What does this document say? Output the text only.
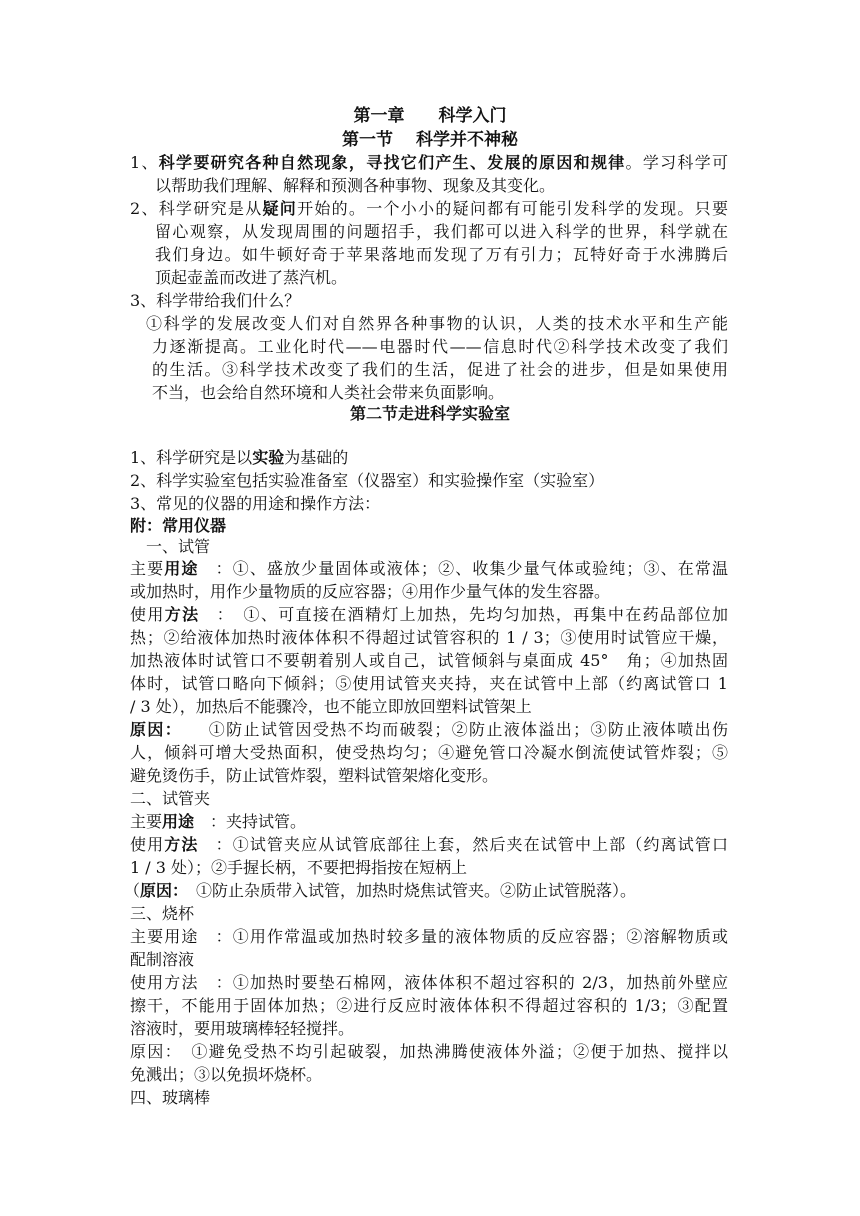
第一章　　科学入门
第一节　 科学并不神秘
1、科学要研究各种自然现象，寻找它们产生、发展的原因和规律。学习科学可
以帮助我们理解、解释和预测各种事物、现象及其变化。
2、科学研究是从疑问开始的。一个小小的疑问都有可能引发科学的发现。只要
留心观察，从发现周围的问题招手，我们都可以进入科学的世界，科学就在
我们身边。如牛顿好奇于苹果落地而发现了万有引力；瓦特好奇于水沸腾后
顶起壶盖而改进了蒸汽机。
3、科学带给我们什么？
①科学的发展改变人们对自然界各种事物的认识，人类的技术水平和生产能
力逐渐提高。工业化时代——电器时代——信息时代②科学技术改变了我们
的生活。③科学技术改变了我们的生活，促进了社会的进步，但是如果使用
不当，也会给自然环境和人类社会带来负面影响。
第二节走进科学实验室
1、科学研究是以实验为基础的
2、科学实验室包括实验准备室（仪器室）和实验操作室（实验室）
3、常见的仪器的用途和操作方法：
附：常用仪器
一、试管
主要用途　：①、盛放少量固体或液体；②、收集少量气体或验纯；③、在常温
或加热时，用作少量物质的反应容器；④用作少量气体的发生容器。
使用方法　：　①、可直接在酒精灯上加热，先均匀加热，再集中在药品部位加
热；②给液体加热时液体体积不得超过试管容积的 1 / 3；③使用时试管应干燥，
加热液体时试管口不要朝着别人或自己，试管倾斜与桌面成 45°　角；④加热固
体时，试管口略向下倾斜；⑤使用试管夹夹持，夹在试管中上部（约离试管口 1
/ 3 处），加热后不能骤冷，也不能立即放回塑料试管架上
原因：　　①防止试管因受热不均而破裂；②防止液体溢出；③防止液体喷出伤
人，倾斜可增大受热面积，使受热均匀；④避免管口冷凝水倒流使试管炸裂；⑤
避免烫伤手，防止试管炸裂，塑料试管架熔化变形。
二、试管夹
主要用途　：夹持试管。
使用方法　：①试管夹应从试管底部往上套，然后夹在试管中上部（约离试管口
1 / 3 处）；②手握长柄，不要把拇指按在短柄上
（原因：　①防止杂质带入试管，加热时烧焦试管夹。②防止试管脱落）。
三、烧杯
主要用途　：①用作常温或加热时较多量的液体物质的反应容器；②溶解物质或
配制溶液
使用方法　：①加热时要垫石棉网，液体体积不超过容积的 2/3，加热前外壁应
擦干，不能用于固体加热；②进行反应时液体体积不得超过容积的 1/3；③配置
溶液时，要用玻璃棒轻轻搅拌。
原因：　①避免受热不均引起破裂，加热沸腾使液体外溢；②便于加热、搅拌以
免溅出；③以免损坏烧杯。
四、玻璃棒
